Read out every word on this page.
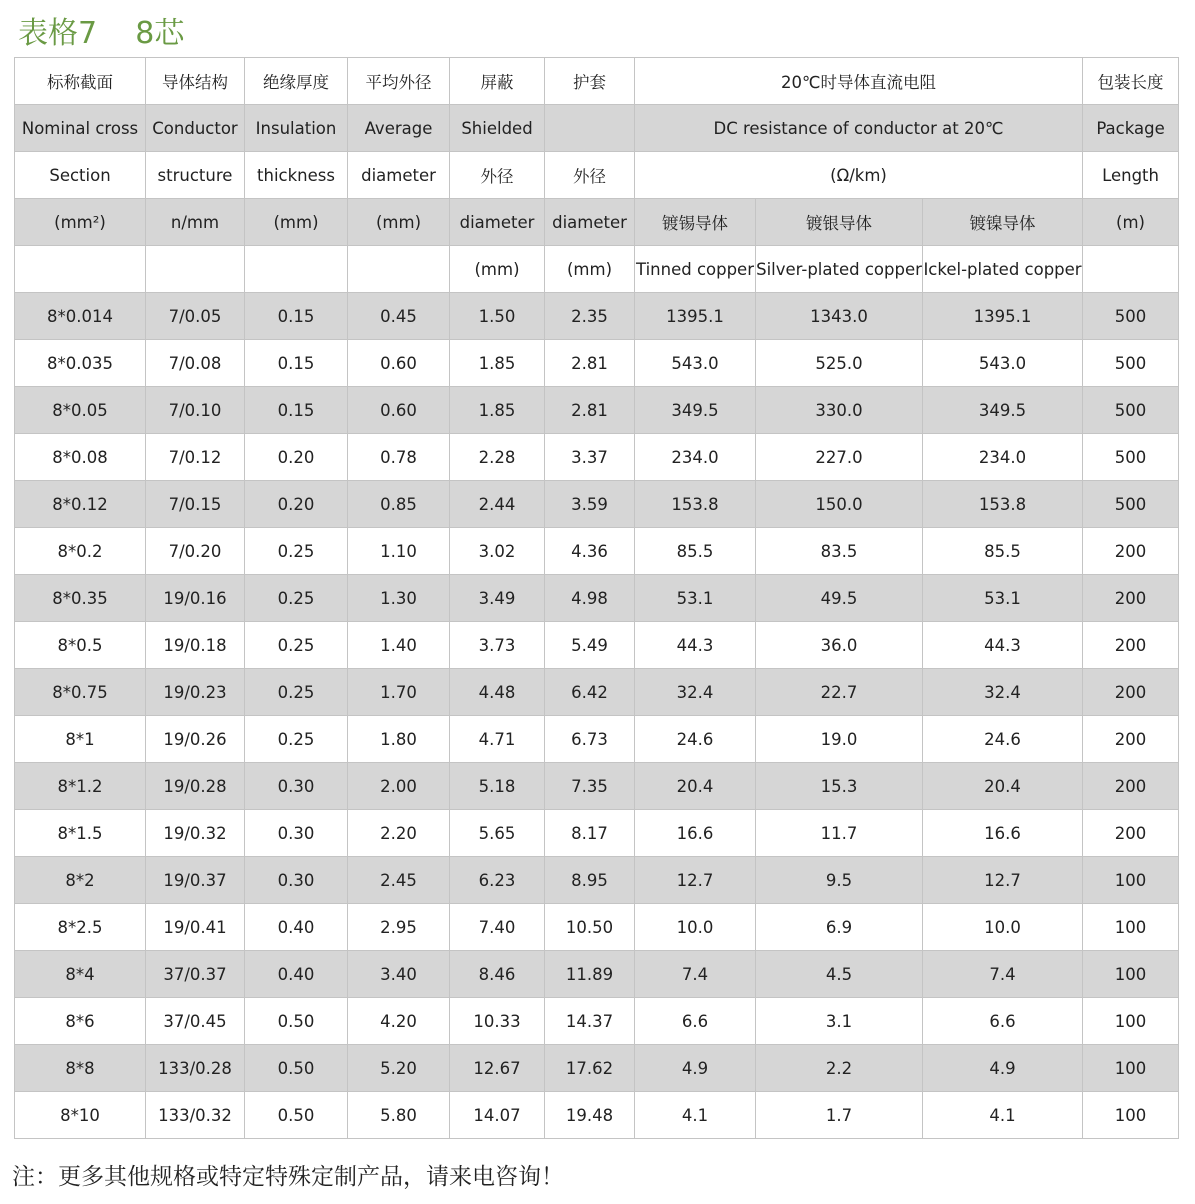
表格7    8芯
标称截面	导体结构	绝缘厚度	平均外径	屏蔽	护套	20℃时导体直流电阻			包装长度
Nominal cross	Conductor	Insulation	Average	Shielded		DC resistance of conductor at 20℃			Package
Section	structure	thickness	diameter	外径	外径	(Ω/km)			Length
(mm²)	n/mm	(mm)	(mm)	diameter	diameter	镀锡导体	镀银导体	镀镍导体	(m)
				(mm)	(mm)	Tinned copper	Silver-plated copper	Ickel-plated copper	
8*0.014	7/0.05	0.15	0.45	1.50	2.35	1395.1	1343.0	1395.1	500
8*0.035	7/0.08	0.15	0.60	1.85	2.81	543.0	525.0	543.0	500
8*0.05	7/0.10	0.15	0.60	1.85	2.81	349.5	330.0	349.5	500
8*0.08	7/0.12	0.20	0.78	2.28	3.37	234.0	227.0	234.0	500
8*0.12	7/0.15	0.20	0.85	2.44	3.59	153.8	150.0	153.8	500
8*0.2	7/0.20	0.25	1.10	3.02	4.36	85.5	83.5	85.5	200
8*0.35	19/0.16	0.25	1.30	3.49	4.98	53.1	49.5	53.1	200
8*0.5	19/0.18	0.25	1.40	3.73	5.49	44.3	36.0	44.3	200
8*0.75	19/0.23	0.25	1.70	4.48	6.42	32.4	22.7	32.4	200
8*1	19/0.26	0.25	1.80	4.71	6.73	24.6	19.0	24.6	200
8*1.2	19/0.28	0.30	2.00	5.18	7.35	20.4	15.3	20.4	200
8*1.5	19/0.32	0.30	2.20	5.65	8.17	16.6	11.7	16.6	200
8*2	19/0.37	0.30	2.45	6.23	8.95	12.7	9.5	12.7	100
8*2.5	19/0.41	0.40	2.95	7.40	10.50	10.0	6.9	10.0	100
8*4	37/0.37	0.40	3.40	8.46	11.89	7.4	4.5	7.4	100
8*6	37/0.45	0.50	4.20	10.33	14.37	6.6	3.1	6.6	100
8*8	133/0.28	0.50	5.20	12.67	17.62	4.9	2.2	4.9	100
8*10	133/0.32	0.50	5.80	14.07	19.48	4.1	1.7	4.1	100
注：更多其他规格或特定特殊定制产品，请来电咨询！
